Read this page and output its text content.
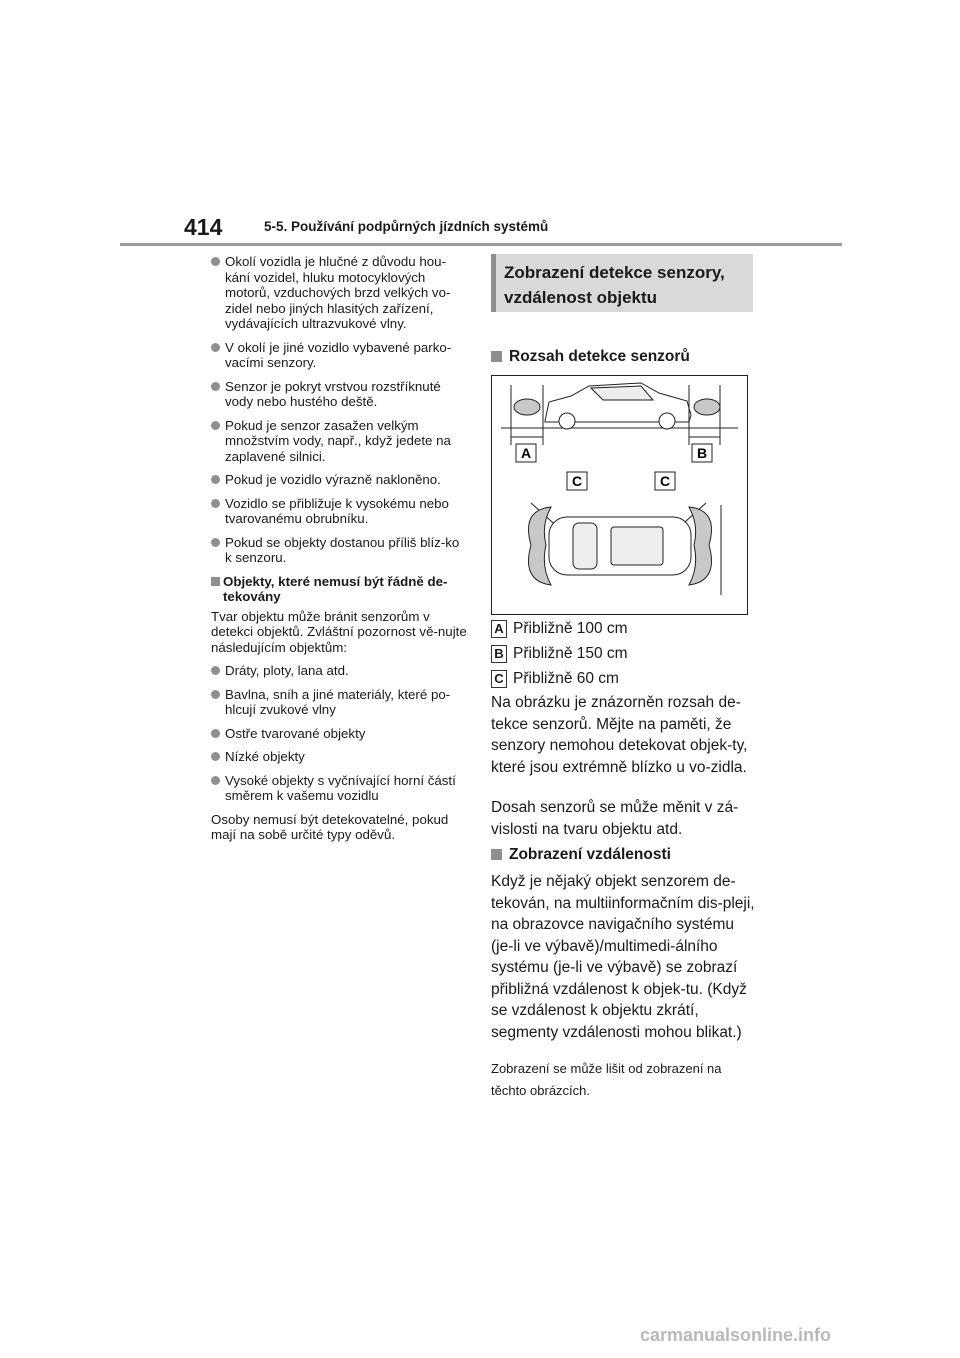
414	5-5. Používání podpůrných jízdních systémů
Okolí vozidla je hlučné z důvodu hou-kání vozidel, hluku motocyklových motorů, vzduchových brzd velkých vo-zidel nebo jiných hlasitých zařízení, vydávajících ultrazvukové vlny.
V okolí je jiné vozidlo vybavené parko-vacími senzory.
Senzor je pokryt vrstvou rozstříknuté vody nebo hustého deště.
Pokud je senzor zasažen velkým množstvím vody, např., když jedete na zaplavené silnici.
Pokud je vozidlo výrazně nakloněno.
Vozidlo se přibližuje k vysokému nebo tvarovanému obrubníku.
Pokud se objekty dostanou příliš blíz-ko k senzoru.
Objekty, které nemusí být řádně de-tekovány
Tvar objektu může bránit senzorům v detekci objektů. Zvláštní pozornost vě-nujte následujícím objektům:
Dráty, ploty, lana atd.
Bavlna, sníh a jiné materiály, které po-hlcují zvukové vlny
Ostře tvarované objekty
Nízké objekty
Vysoké objekty s vyčnívající horní částí směrem k vašemu vozidlu
Osoby nemusí být detekovatelné, pokud mají na sobě určité typy oděvů.
Zobrazení detekce senzory, vzdálenost objektu
Rozsah detekce senzorů
A	B
C	C
A Přibližně 100 cm
B Přibližně 150 cm
C Přibližně 60 cm
Na obrázku je znázorněn rozsah de-tekce senzorů. Mějte na paměti, že senzory nemohou detekovat objek-ty, které jsou extrémně blízko u vo-zidla.
Dosah senzorů se může měnit v zá-vislosti na tvaru objektu atd.
Zobrazení vzdálenosti
Když je nějaký objekt senzorem de-tekován, na multiinformačním dis-pleji, na obrazovce navigačního systému (je-li ve výbavě)/multimedi-álního systému (je-li ve výbavě) se zobrazí přibližná vzdálenost k objek-tu. (Když se vzdálenost k objektu zkrátí, segmenty vzdálenosti mohou blikat.)
Zobrazení se může lišit od zobrazení na těchto obrázcích.
carmanualsonline.info
